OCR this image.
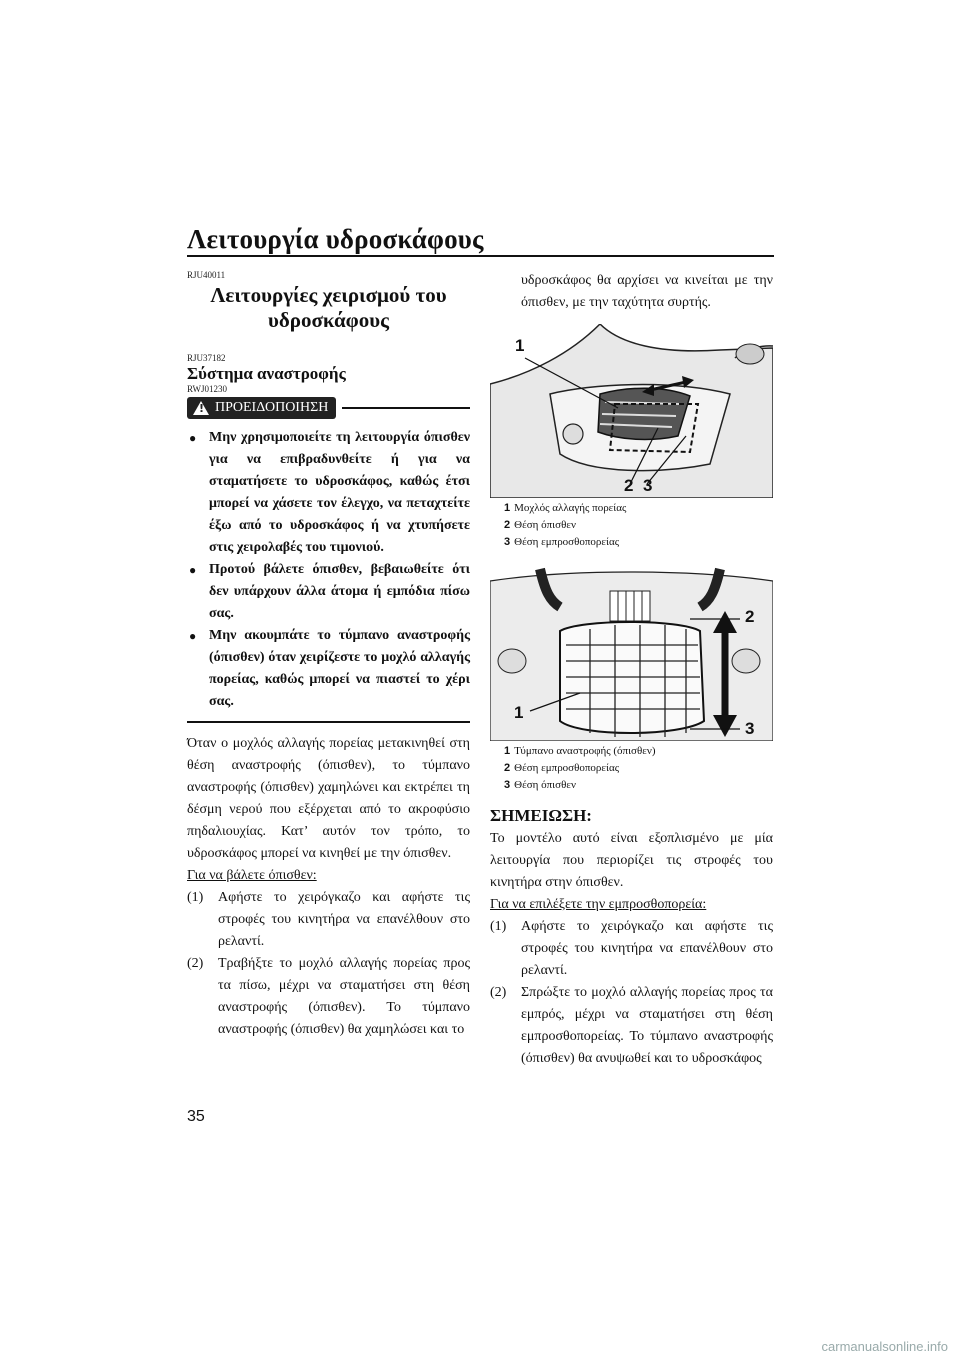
Λειτουργία υδροσκάφους
RJU40011
Λειτουργίες χειρισμού του
υδροσκάφους
RJU37182
Σύστημα αναστροφής
RWJ01230
! ΠΡΟΕΙΔΟΠΟΙΗΣΗ
● Μην χρησιμοποιείτε τη λειτουργία όπισθεν για να επιβραδυνθείτε ή για να σταματήσετε το υδροσκάφος, καθώς έτσι μπορεί να χάσετε τον έλεγχο, να πεταχτείτε έξω από το υδροσκάφος ή να χτυπήσετε στις χειρολαβές του τιμονιού.
● Προτού βάλετε όπισθεν, βεβαιωθείτε ότι δεν υπάρχουν άλλα άτομα ή εμπόδια πίσω σας.
● Μην ακουμπάτε το τύμπανο αναστροφής (όπισθεν) όταν χειρίζεστε το μοχλό αλλαγής πορείας, καθώς μπορεί να πιαστεί το χέρι σας.

Όταν ο μοχλός αλλαγής πορείας μετακινηθεί στη θέση αναστροφής (όπισθεν), το τύμπανο αναστροφής (όπισθεν) χαμηλώνει και εκτρέπει τη δέσμη νερού που εξέρχεται από το ακροφύσιο πηδαλιουχίας. Κατ’ αυτόν τον τρόπο, το υδροσκάφος μπορεί να κινηθεί με την όπισθεν.

Για να βάλετε όπισθεν:

(1) Αφήστε το χειρόγκαζο και αφήστε τις στροφές του κινητήρα να επανέλθουν στο ρελαντί.
(2) Τραβήξτε το μοχλό αλλαγής πορείας προς τα πίσω, μέχρι να σταματήσει στη θέση αναστροφής (όπισθεν). Το τύμπανο αναστροφής (όπισθεν) θα χαμηλώσει και το

υδροσκάφος θα αρχίσει να κινείται με την όπισθεν, με την ταχύτητα συρτής.

1
2 3
1 Μοχλός αλλαγής πορείας
2 Θέση όπισθεν
3 Θέση εμπροσθοπορείας
2
1
3
1 Τύμπανο αναστροφής (όπισθεν)
2 Θέση εμπροσθοπορείας
3 Θέση όπισθεν
ΣΗΜΕΙΩΣΗ:

Το μοντέλο αυτό είναι εξοπλισμένο με μία λειτουργία που περιορίζει τις στροφές του κινητήρα στην όπισθεν.

Για να επιλέξετε την εμπροσθοπορεία:

(1) Αφήστε το χειρόγκαζο και αφήστε τις στροφές του κινητήρα να επανέλθουν στο ρελαντί.
(2) Σπρώξτε το μοχλό αλλαγής πορείας προς τα εμπρός, μέχρι να σταματήσει στη θέση εμπροσθοπορείας. Το τύμπανο αναστροφής (όπισθεν) θα ανυψωθεί και το υδροσκάφος
35
carmanualsonline.info
